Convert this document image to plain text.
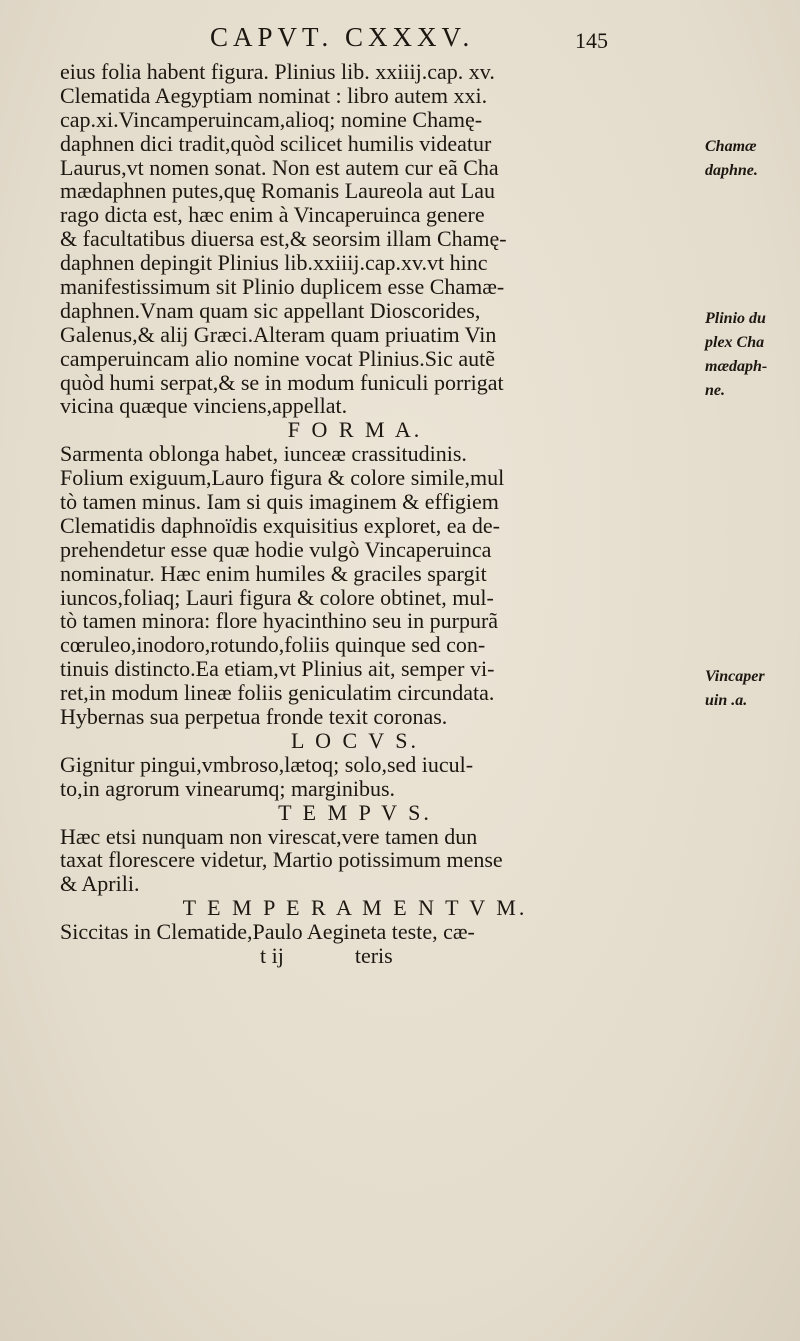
CAPVT. CXXXV.	145
eius folia habent figura. Plinius lib. xxiiij.cap. xv.
Clematida Aegyptiam nominat : libro autem xxi.
cap.xi.Vincamperuincam,alioq; nomine Chamę-
daphnen dici tradit,quòd scilicet humilis videatur
Laurus,vt nomen sonat. Non est autem cur eã Cha
mædaphnen putes,quę Romanis Laureola aut Lau
rago dicta est, hæc enim à Vincaperuinca genere
& facultatibus diuersa est,& seorsim illam Chamę-
daphnen depingit Plinius lib.xxiiij.cap.xv.vt hinc
manifestissimum sit Plinio duplicem esse Chamæ-
daphnen.Vnam quam sic appellant Dioscorides,
Galenus,& alij Græci.Alteram quam priuatim Vin
camperuincam alio nomine vocat Plinius.Sic autẽ
quòd humi serpat,& se in modum funiculi porrigat
vicina quæque vinciens,appellat.
F O R M A.
Sarmenta oblonga habet, iunceæ crassitudinis.
Folium exiguum,Lauro figura & colore simile,mul
tò tamen minus. Iam si quis imaginem & effigiem
Clematidis daphnoïdis exquisitius exploret, ea de-
prehendetur esse quæ hodie vulgò Vincaperuinca
nominatur. Hæc enim humiles & graciles spargit
iuncos,foliaq; Lauri figura & colore obtinet, mul-
tò tamen minora: flore hyacinthino seu in purpurã
cœruleo,inodoro,rotundo,foliis quinque sed con-
tinuis distincto.Ea etiam,vt Plinius ait, semper vi-
ret,in modum lineæ foliis geniculatim circundata.
Hybernas sua perpetua fronde texit coronas.
L O C V S.
Gignitur pingui,vmbroso,lætoq; solo,sed iucul-
to,in agrorum vinearumq; marginibus.
T E M P V S.
Hæc etsi nunquam non virescat,vere tamen dun
taxat florescere videtur, Martio potissimum mense
& Aprili.
T E M P E R A M E N T V M.
Siccitas in Clematide,Paulo Aegineta teste, cæ-
t ij	teris
Chamæ
daphne.
Plinio du
plex Cha
mædaph-
ne.
Vincaper
uin .a.
